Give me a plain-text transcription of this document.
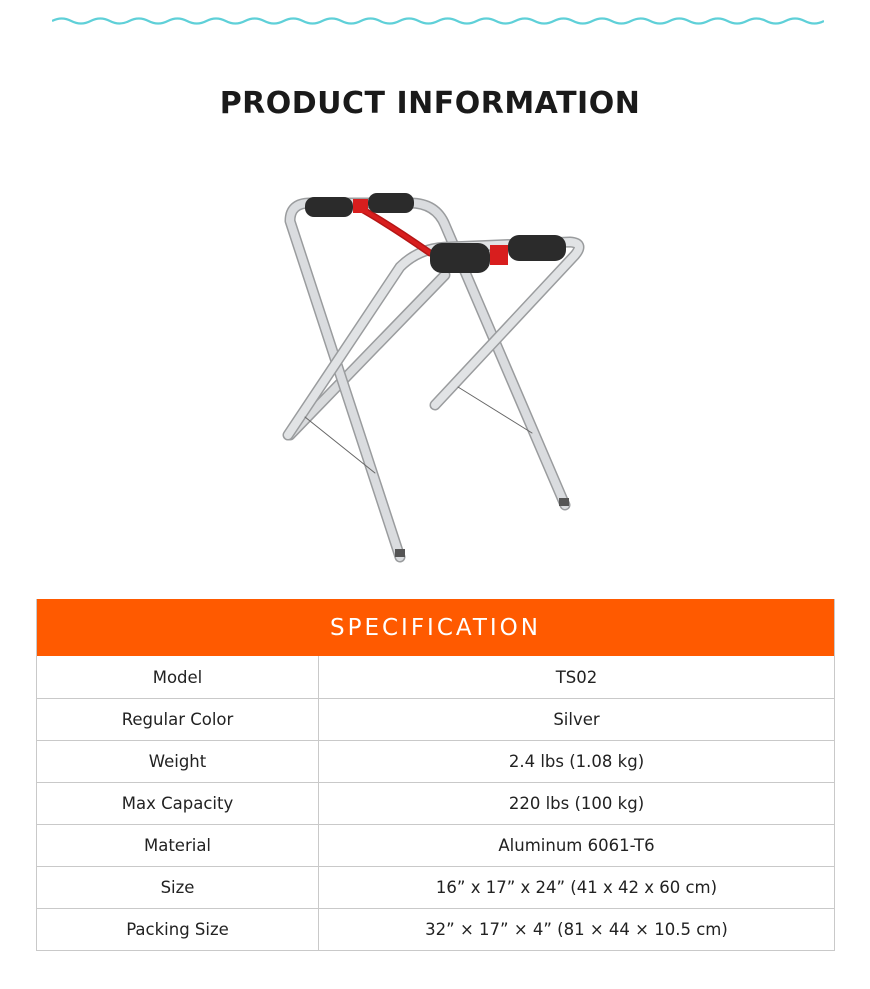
PRODUCT INFORMATION
SPECIFICATION
Model	TS02
Regular Color	Silver
Weight	2.4 lbs (1.08 kg)
Max Capacity	220 lbs (100 kg)
Material	Aluminum 6061-T6
Size	16” x 17” x 24” (41 x 42 x 60 cm)
Packing Size	32” × 17” × 4” (81 × 44 × 10.5 cm)
